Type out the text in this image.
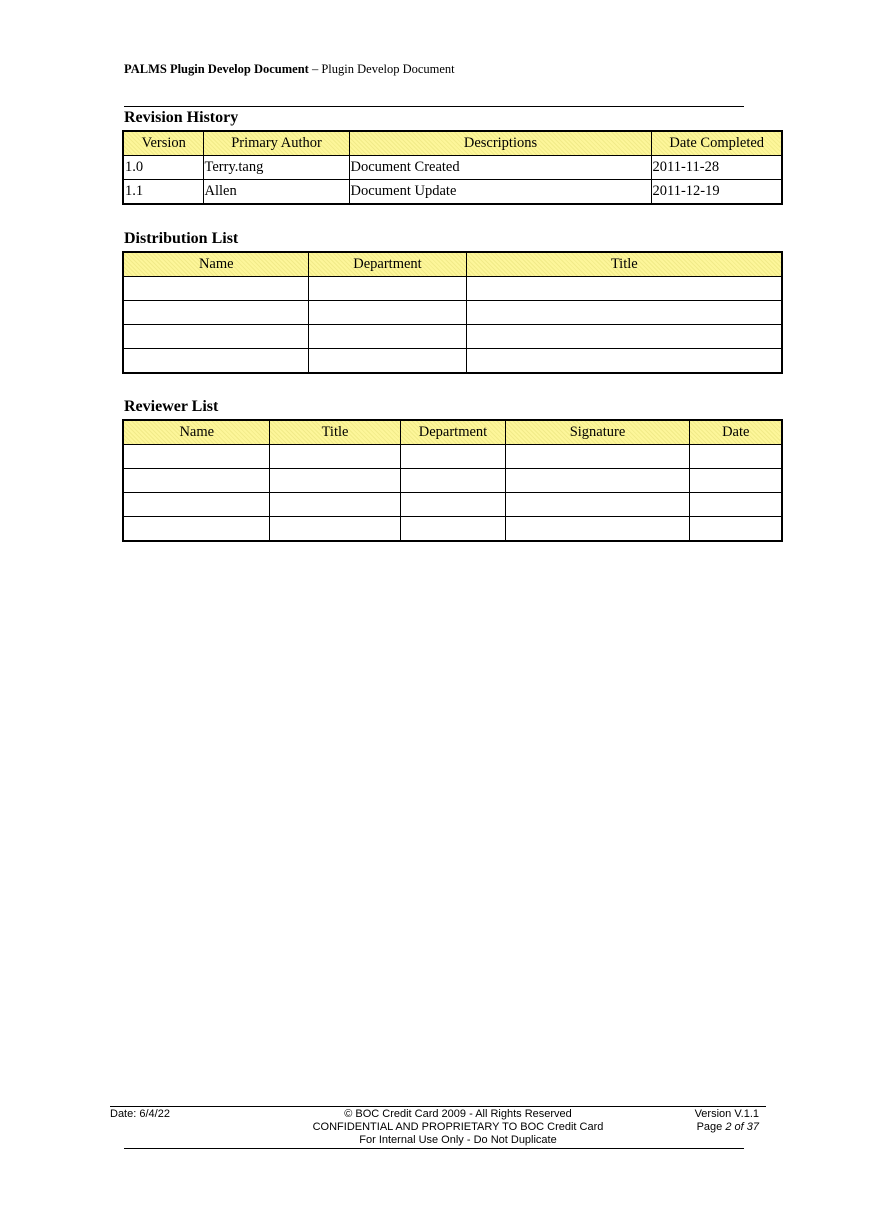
PALMS Plugin Develop Document – Plugin Develop Document
Revision History
Version	Primary Author	Descriptions	Date Completed
1.0	Terry.tang	Document Created	2011-11-28
1.1	Allen	Document Update	2011-12-19
Distribution List
Name	Department	Title

Reviewer List
Name	Title	Department	Signature	Date

Date: 6/4/22	© BOC Credit Card 2009 - All Rights Reserved
CONFIDENTIAL AND PROPRIETARY TO BOC Credit Card
For Internal Use Only - Do Not Duplicate
Version V.1.1
Page 2 of 37
